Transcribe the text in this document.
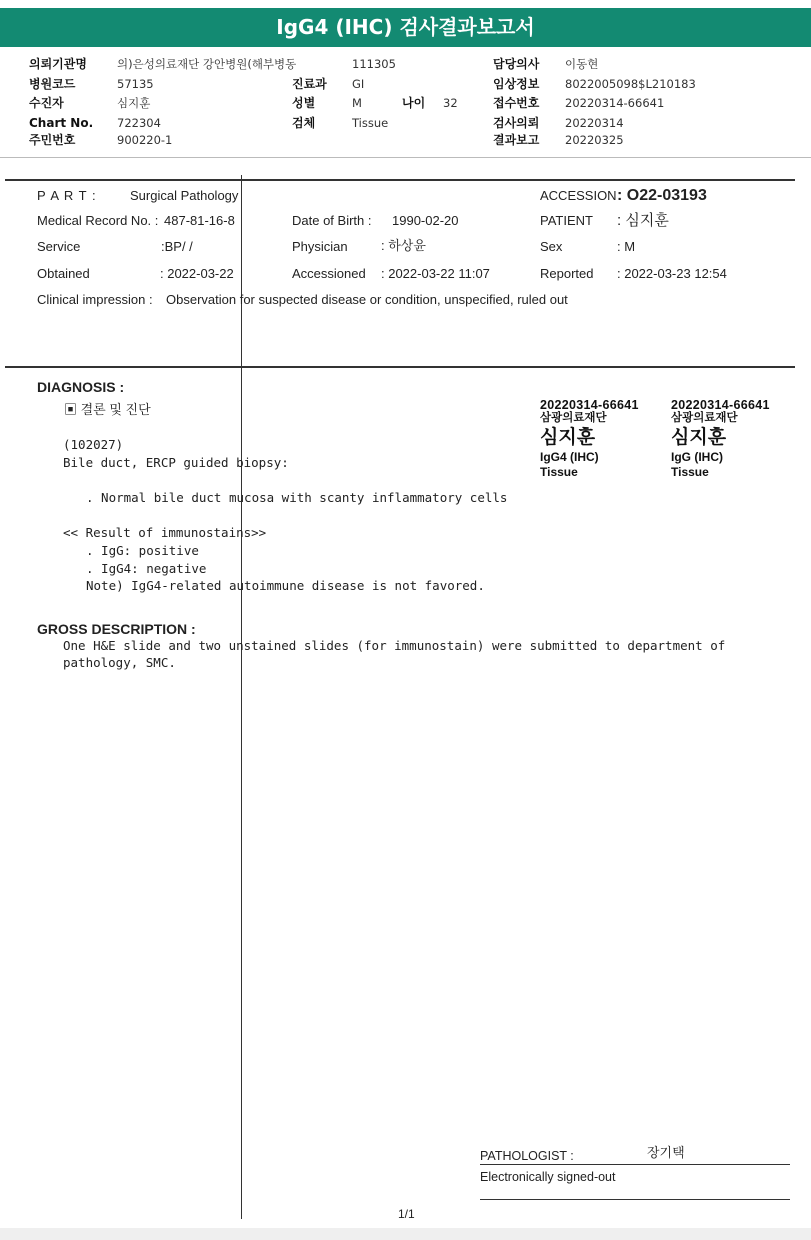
IgG4 (IHC) 검사결과보고서
의뢰기관명	의)은성의료재단 강안병원(해부병동	111305	담당의사 이동현
병원코드	57135	진료과 GI	임상정보 8022005098$L210183
수진자	심지훈	성별	M	나이 32	접수번호 20220314-66641
Chart No. 722304	검체	Tissue	검사의뢰 20220314
주민번호	900220-1	결과보고 20220325
P A R T :	Surgical Pathology	ACCESSION : O22-03193
Medical Record No. : 487-81-16-8	Date of Birth : 1990-02-20	PATIENT : 심지훈
Service	:BP/ /	Physician	: 하상윤	Sex	: M
Obtained	: 2022-03-22	Accessioned : 2022-03-22 11:07	Reported : 2022-03-23 12:54
Clinical impression : Observation for suspected disease or condition, unspecified, ruled out
DIAGNOSIS :
▣ 결론 및 진단
(102027)
Bile duct, ERCP guided biopsy:
. Normal bile duct mucosa with scanty inflammatory cells
<< Result of immunostains>>
. IgG: positive
. IgG4: negative
Note) IgG4-related autoimmune disease is not favored.
20220314-66641
삼광의료재단
심지훈
IgG4 (IHC)
Tissue
20220314-66641
삼광의료재단
심지훈
IgG (IHC)
Tissue
GROSS DESCRIPTION :
One H&E slide and two unstained slides (for immunostain) were submitted to department of
pathology, SMC.
PATHOLOGIST :	장기택
Electronically signed-out
1/1
